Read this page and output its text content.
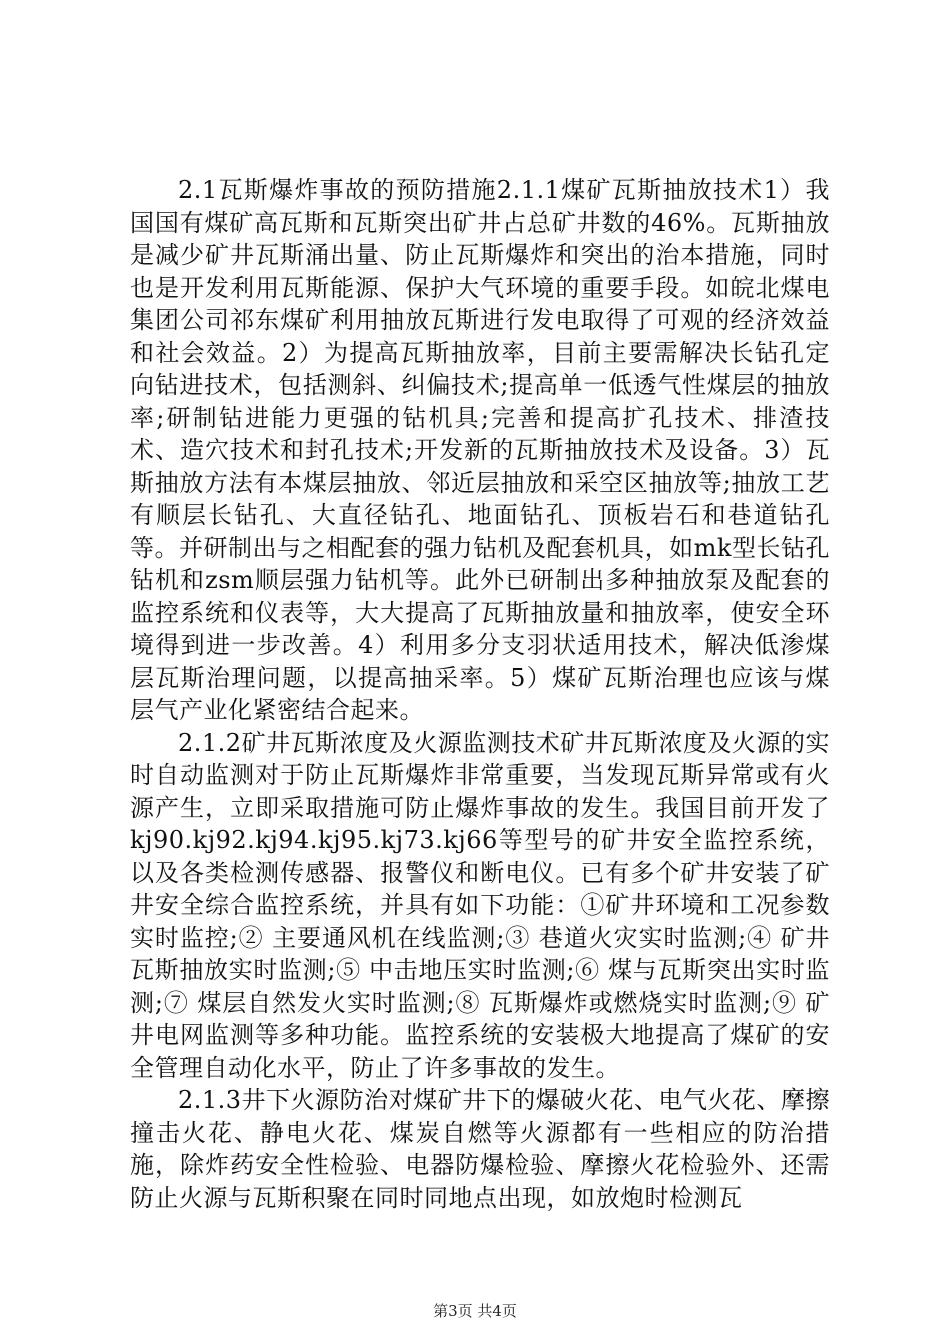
2.1瓦斯爆炸事故的预防措施2.1.1煤矿瓦斯抽放技术1）我国国有煤矿高瓦斯和瓦斯突出矿井占总矿井数的46%。瓦斯抽放是减少矿井瓦斯涌出量、防止瓦斯爆炸和突出的治本措施，同时也是开发利用瓦斯能源、保护大气环境的重要手段。如皖北煤电集团公司祁东煤矿利用抽放瓦斯进行发电取得了可观的经济效益和社会效益。2）为提高瓦斯抽放率，目前主要需解决长钻孔定向钻进技术，包括测斜、纠偏技术;提高单一低透气性煤层的抽放率;研制钻进能力更强的钻机具;完善和提高扩孔技术、排渣技术、造穴技术和封孔技术;开发新的瓦斯抽放技术及设备。3）瓦斯抽放方法有本煤层抽放、邻近层抽放和采空区抽放等;抽放工艺有顺层长钻孔、大直径钻孔、地面钻孔、顶板岩石和巷道钻孔等。并研制出与之相配套的强力钻机及配套机具，如mk型长钻孔钻机和zsm顺层强力钻机等。此外已研制出多种抽放泵及配套的监控系统和仪表等，大大提高了瓦斯抽放量和抽放率，使安全环境得到进一步改善。4）利用多分支羽状适用技术，解决低渗煤层瓦斯治理问题，以提高抽采率。5）煤矿瓦斯治理也应该与煤层气产业化紧密结合起来。

2.1.2矿井瓦斯浓度及火源监测技术矿井瓦斯浓度及火源的实时自动监测对于防止瓦斯爆炸非常重要，当发现瓦斯异常或有火源产生，立即采取措施可防止爆炸事故的发生。我国目前开发了kj90.kj92.kj94.kj95.kj73.kj66等型号的矿井安全监控系统，以及各类检测传感器、报警仪和断电仪。已有多个矿井安装了矿井安全综合监控系统，并具有如下功能：①矿井环境和工况参数实时监控;② 主要通风机在线监测;③ 巷道火灾实时监测;④ 矿井瓦斯抽放实时监测;⑤ 中击地压实时监测;⑥ 煤与瓦斯突出实时监测;⑦ 煤层自然发火实时监测;⑧ 瓦斯爆炸或燃烧实时监测;⑨ 矿井电网监测等多种功能。监控系统的安装极大地提高了煤矿的安全管理自动化水平，防止了许多事故的发生。

2.1.3井下火源防治对煤矿井下的爆破火花、电气火花、摩擦撞击火花、静电火花、煤炭自燃等火源都有一些相应的防治措施，除炸药安全性检验、电器防爆检验、摩擦火花检验外、还需防止火源与瓦斯积聚在同时同地点出现，如放炮时检测瓦

第3页 共4页
